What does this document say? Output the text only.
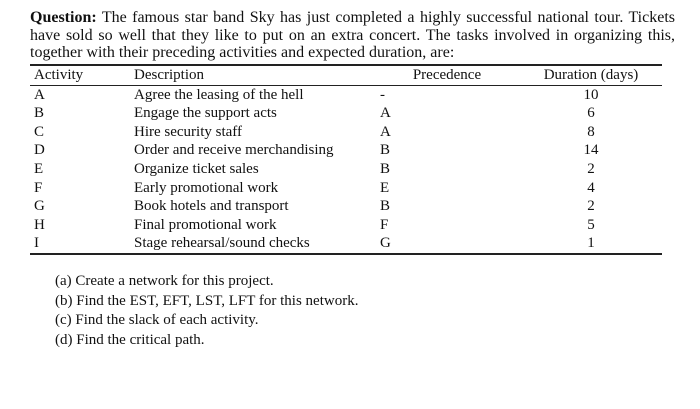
Question: The famous star band Sky has just completed a highly successful national tour. Tickets have sold so well that they like to put on an extra concert. The tasks involved in organizing this, together with their preceding activities and expected duration, are:
Activity	Description	Precedence	Duration (days)
A	Agree the leasing of the hell	-	10
B	Engage the support acts	A	6
C	Hire security staff	A	8
D	Order and receive merchandising	B	14
E	Organize ticket sales	B	2
F	Early promotional work	E	4
G	Book hotels and transport	B	2
H	Final promotional work	F	5
I	Stage rehearsal/sound checks	G	1
(a) Create a network for this project.
(b) Find the EST, EFT, LST, LFT for this network.
(c) Find the slack of each activity.
(d) Find the critical path.
